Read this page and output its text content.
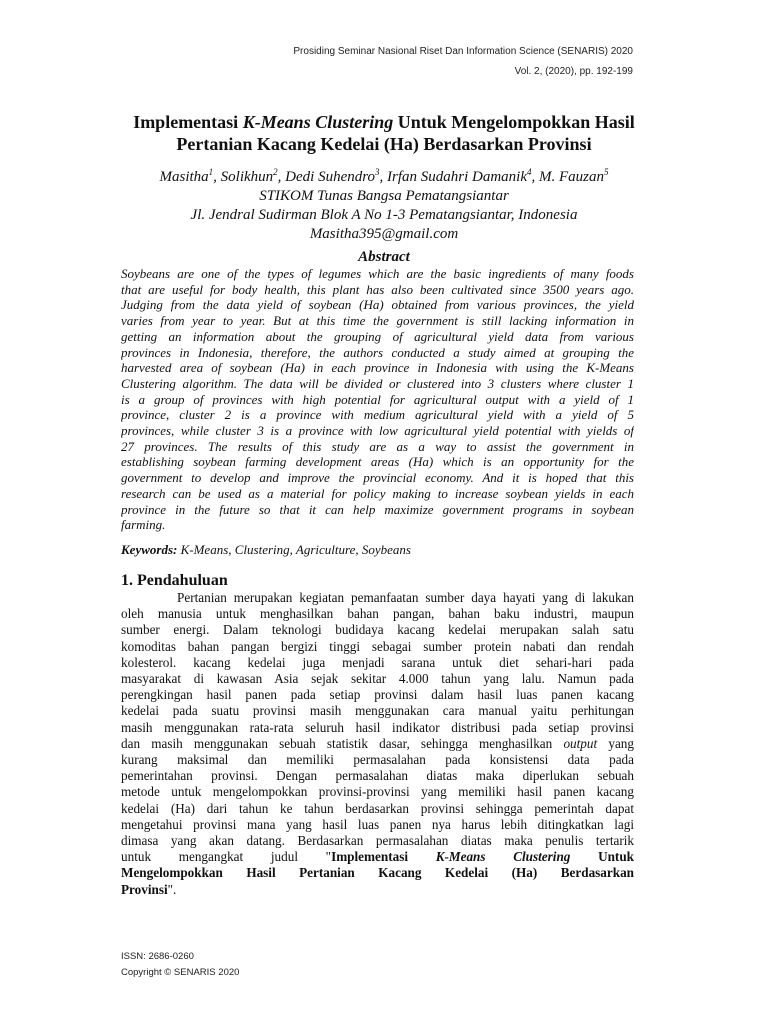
Prosiding Seminar Nasional Riset Dan Information Science (SENARIS) 2020
Vol. 2, (2020), pp. 192-199
Implementasi K-Means Clustering Untuk Mengelompokkan Hasil
Pertanian Kacang Kedelai (Ha) Berdasarkan Provinsi
Masitha$^1$, Solikhun$^2$, Dedi Suhendro$^3$, Irfan Sudahri Damanik$^4$, M. Fauzan$^5$
STIKOM Tunas Bangsa Pematangsiantar
Jl. Jendral Sudirman Blok A No 1-3 Pematangsiantar, Indonesia
Masitha395@gmail.com
Abstract
Soybeans are one of the types of legumes which are the basic ingredients of many foods
that are useful for body health, this plant has also been cultivated since 3500 years ago.
Judging from the data yield of soybean (Ha) obtained from various provinces, the yield
varies from year to year. But at this time the government is still lacking information in
getting an information about the grouping of agricultural yield data from various
provinces in Indonesia, therefore, the authors conducted a study aimed at grouping the
harvested area of soybean (Ha) in each province in Indonesia with using the K-Means
Clustering algorithm. The data will be divided or clustered into 3 clusters where cluster 1
is a group of provinces with high potential for agricultural output with a yield of 1
province, cluster 2 is a province with medium agricultural yield with a yield of 5
provinces, while cluster 3 is a province with low agricultural yield potential with yields of
27 provinces. The results of this study are as a way to assist the government in
establishing soybean farming development areas (Ha) which is an opportunity for the
government to develop and improve the provincial economy. And it is hoped that this
research can be used as a material for policy making to increase soybean yields in each
province in the future so that it can help maximize government programs in soybean
farming.
Keywords: K-Means, Clustering, Agriculture, Soybeans
1. Pendahuluan
Pertanian merupakan kegiatan pemanfaatan sumber daya hayati yang di lakukan
oleh manusia untuk menghasilkan bahan pangan, bahan baku industri, maupun
sumber energi. Dalam teknologi budidaya kacang kedelai merupakan salah satu
komoditas bahan pangan bergizi tinggi sebagai sumber protein nabati dan rendah
kolesterol. kacang kedelai juga menjadi sarana untuk diet sehari-hari pada
masyarakat di kawasan Asia sejak sekitar 4.000 tahun yang lalu. Namun pada
perengkingan hasil panen pada setiap provinsi dalam hasil luas panen kacang
kedelai pada suatu provinsi masih menggunakan cara manual yaitu perhitungan
masih menggunakan rata-rata seluruh hasil indikator distribusi pada setiap provinsi
dan masih menggunakan sebuah statistik dasar, sehingga menghasilkan output yang
kurang maksimal dan memiliki permasalahan pada konsistensi data pada
pemerintahan provinsi. Dengan permasalahan diatas maka diperlukan sebuah
metode untuk mengelompokkan provinsi-provinsi yang memiliki hasil panen kacang
kedelai (Ha) dari tahun ke tahun berdasarkan provinsi sehingga pemerintah dapat
mengetahui provinsi mana yang hasil luas panen nya harus lebih ditingkatkan lagi
dimasa yang akan datang. Berdasarkan permasalahan diatas maka penulis tertarik
untuk mengangkat judul "Implementasi K-Means Clustering Untuk
Mengelompokkan Hasil Pertanian Kacang Kedelai (Ha) Berdasarkan
Provinsi".
ISSN: 2686-0260
Copyright © SENARIS 2020
